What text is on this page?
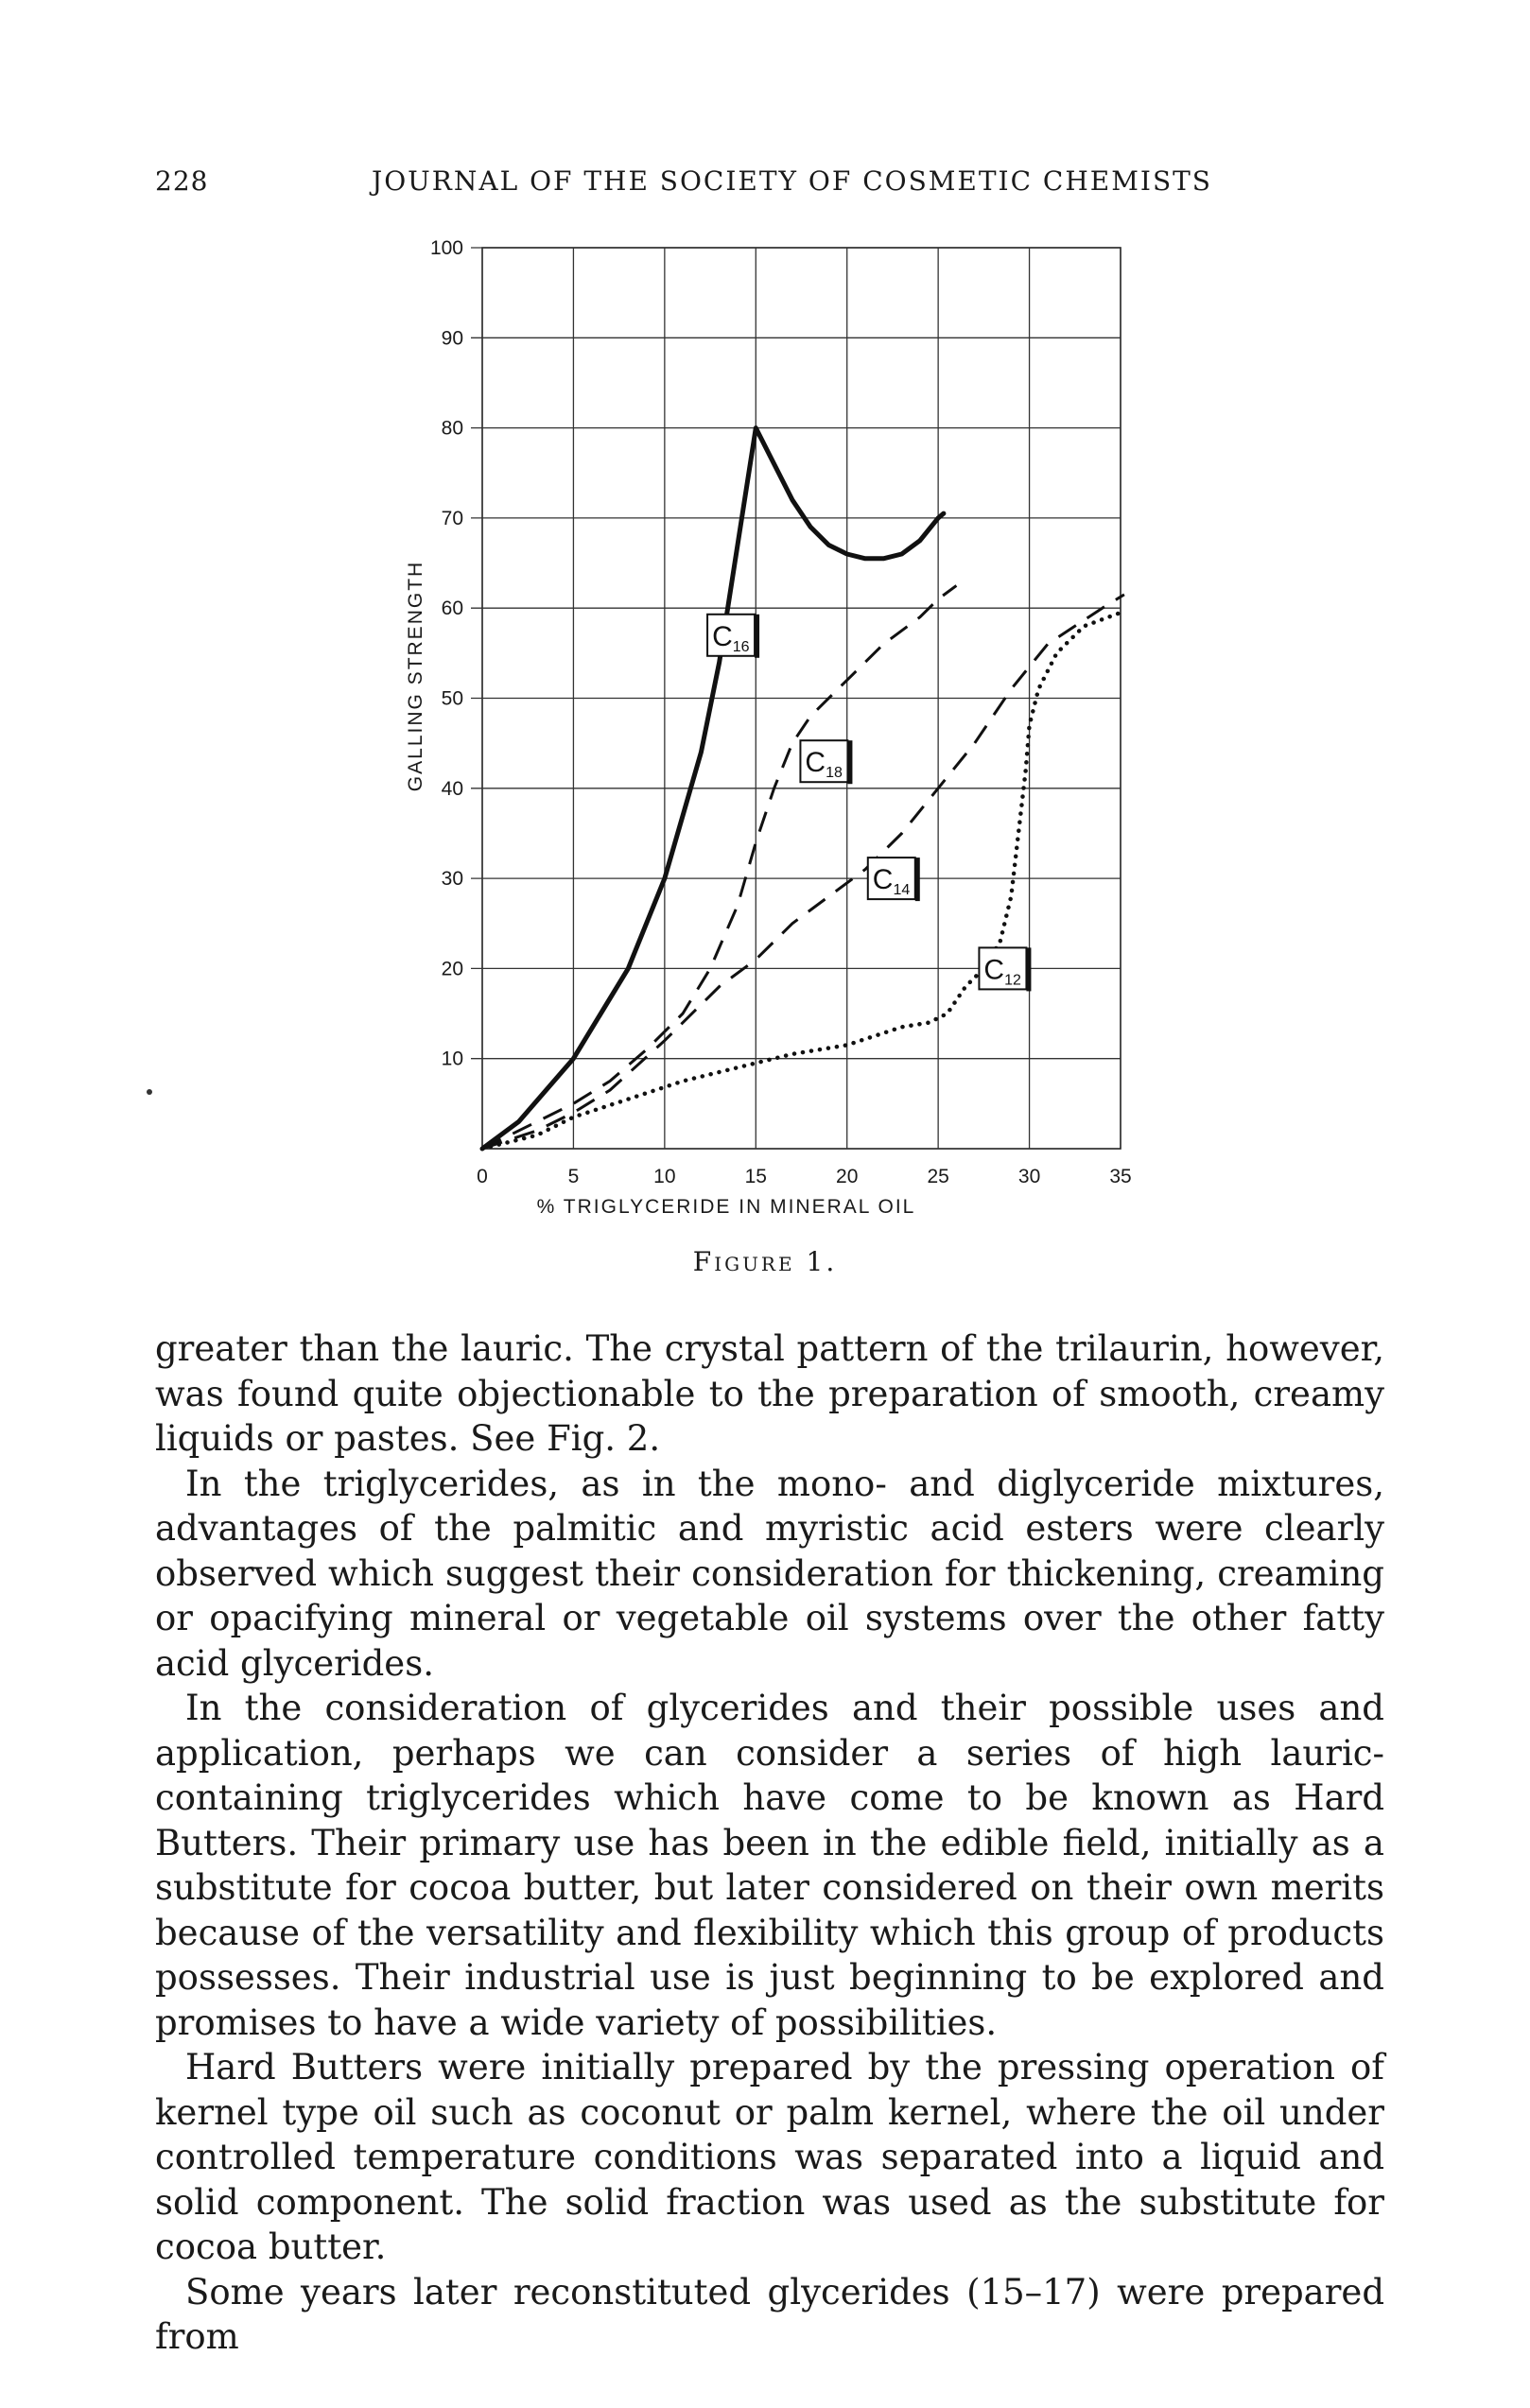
228	JOURNAL OF THE SOCIETY OF COSMETIC CHEMISTS
0	5	10	15	20	25	30	35
10
20
30
40
50
60
70
80
90
100
$C_{16}$
$C_{18}$
$C_{14}$
$C_{12}$
% TRIGLYCERIDE IN MINERAL OIL
GALLING STRENGTH
Figure 1.

greater than the lauric. The crystal pattern of the trilaurin, however, was found quite objectionable to the preparation of smooth, creamy liquids or pastes. See Fig. 2.

In the triglycerides, as in the mono- and diglyceride mixtures, advantages of the palmitic and myristic acid esters were clearly observed which suggest their consideration for thickening, creaming or opacifying mineral or vegetable oil systems over the other fatty acid glycerides.

In the consideration of glycerides and their possible uses and application, perhaps we can consider a series of high lauric-containing triglycerides which have come to be known as Hard Butters. Their primary use has been in the edible field, initially as a substitute for cocoa butter, but later considered on their own merits because of the versatility and flexibility which this group of products possesses. Their industrial use is just beginning to be explored and promises to have a wide variety of possibilities.

Hard Butters were initially prepared by the pressing operation of kernel type oil such as coconut or palm kernel, where the oil under controlled temperature conditions was separated into a liquid and solid component. The solid fraction was used as the substitute for cocoa butter.

Some years later reconstituted glycerides (15–17) were prepared from
